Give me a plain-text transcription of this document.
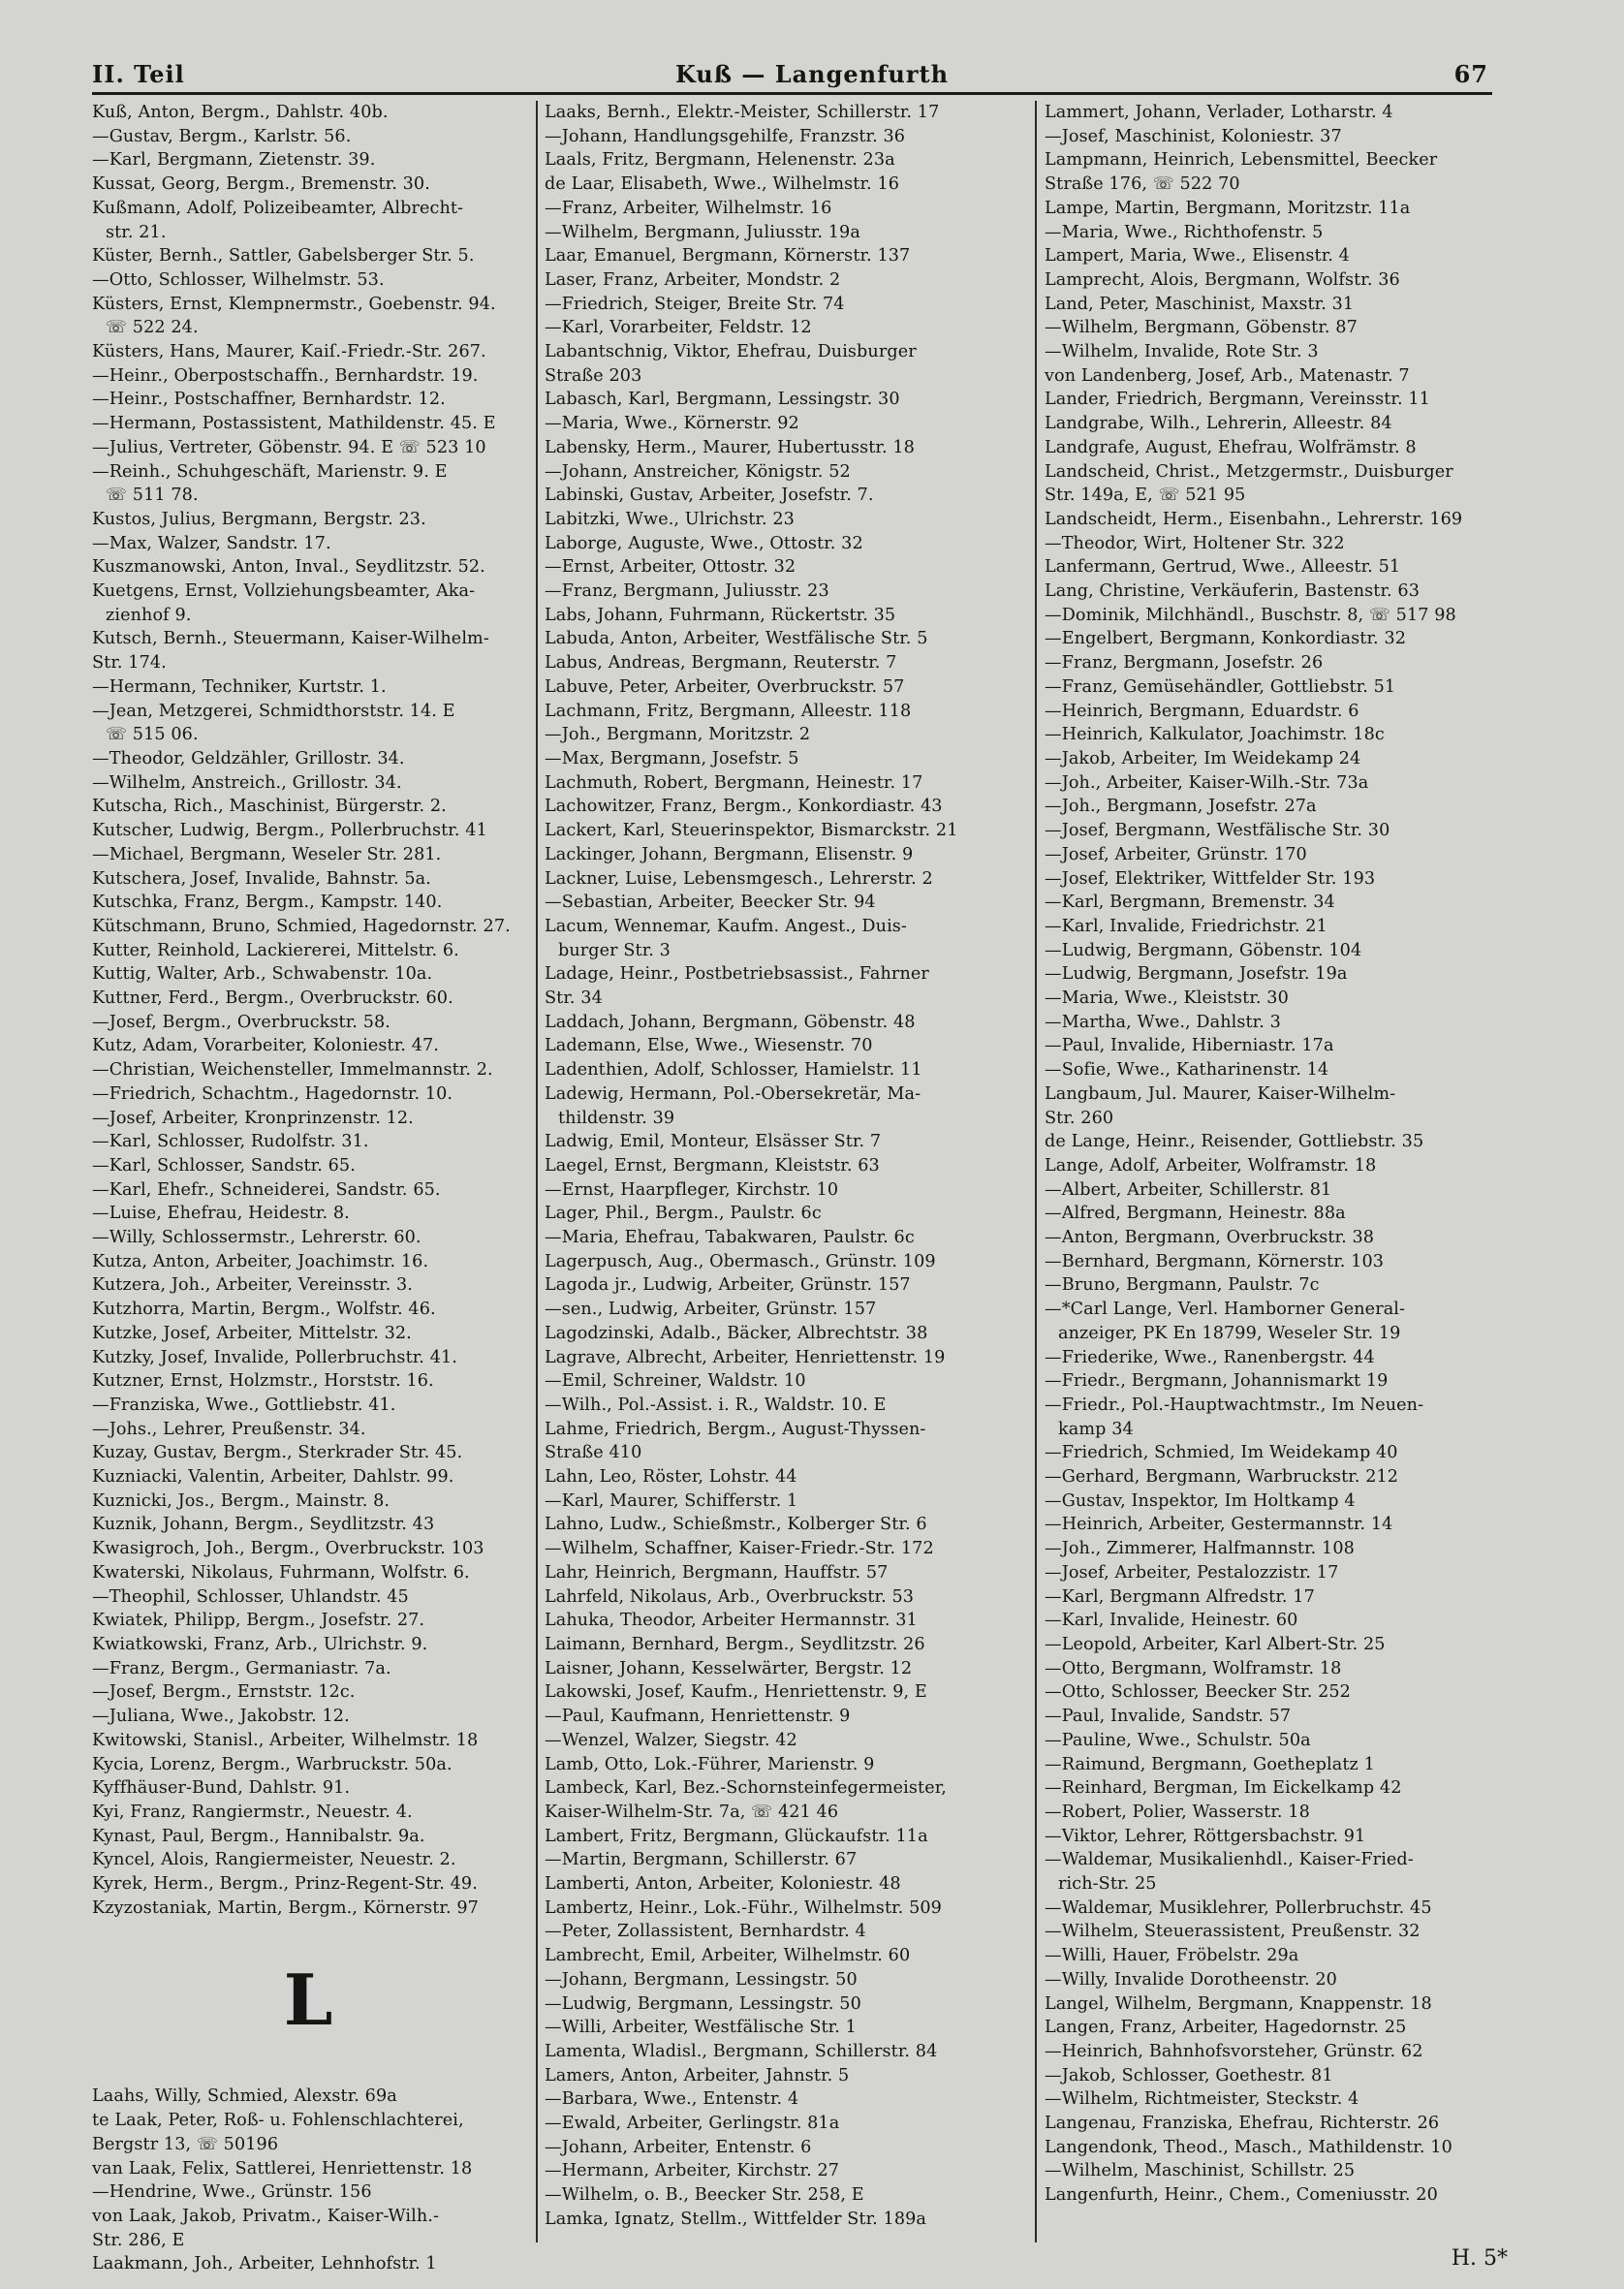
II. Teil	Kuß — Langenfurth	67
Kuß, Anton, Bergm., Dahlstr. 40b.
—Gustav, Bergm., Karlstr. 56.
—Karl, Bergmann, Zietenstr. 39.
Kussat, Georg, Bergm., Bremenstr. 30.
Kußmann, Adolf, Polizeibeamter, Albrecht-
str. 21.
Küster, Bernh., Sattler, Gabelsberger Str. 5.
—Otto, Schlosser, Wilhelmstr. 53.
Küsters, Ernst, Klempnermstr., Goebenstr. 94.
☏ 522 24.
Küsters, Hans, Maurer, Kaiſ.-Friedr.-Str. 267.
—Heinr., Oberpostschaffn., Bernhardstr. 19.
—Heinr., Postschaffner, Bernhardstr. 12.
—Hermann, Postassistent, Mathildenstr. 45. E
—Julius, Vertreter, Göbenstr. 94. E ☏ 523 10
—Reinh., Schuhgeschäft, Marienstr. 9. E
☏ 511 78.
Kustos, Julius, Bergmann, Bergstr. 23.
—Max, Walzer, Sandstr. 17.
Kuszmanowski, Anton, Inval., Seydlitzstr. 52.
Kuetgens, Ernst, Vollziehungsbeamter, Aka-
zienhof 9.
Kutsch, Bernh., Steuermann, Kaiser-Wilhelm-
Str. 174.
—Hermann, Techniker, Kurtstr. 1.
—Jean, Metzgerei, Schmidthorststr. 14. E
☏ 515 06.
—Theodor, Geldzähler, Grillostr. 34.
—Wilhelm, Anstreich., Grillostr. 34.
Kutscha, Rich., Maschinist, Bürgerstr. 2.
Kutscher, Ludwig, Bergm., Pollerbruchstr. 41
—Michael, Bergmann, Weseler Str. 281.
Kutschera, Josef, Invalide, Bahnstr. 5a.
Kutschka, Franz, Bergm., Kampstr. 140.
Kütschmann, Bruno, Schmied, Hagedornstr. 27.
Kutter, Reinhold, Lackiererei, Mittelstr. 6.
Kuttig, Walter, Arb., Schwabenstr. 10a.
Kuttner, Ferd., Bergm., Overbruckstr. 60.
—Josef, Bergm., Overbruckstr. 58.
Kutz, Adam, Vorarbeiter, Koloniestr. 47.
—Christian, Weichensteller, Immelmannstr. 2.
—Friedrich, Schachtm., Hagedornstr. 10.
—Josef, Arbeiter, Kronprinzenstr. 12.
—Karl, Schlosser, Rudolfstr. 31.
—Karl, Schlosser, Sandstr. 65.
—Karl, Ehefr., Schneiderei, Sandstr. 65.
—Luise, Ehefrau, Heidestr. 8.
—Willy, Schlossermstr., Lehrerstr. 60.
Kutza, Anton, Arbeiter, Joachimstr. 16.
Kutzera, Joh., Arbeiter, Vereinsstr. 3.
Kutzhorra, Martin, Bergm., Wolfstr. 46.
Kutzke, Josef, Arbeiter, Mittelstr. 32.
Kutzky, Josef, Invalide, Pollerbruchstr. 41.
Kutzner, Ernst, Holzmstr., Horststr. 16.
—Franziska, Wwe., Gottliebstr. 41.
—Johs., Lehrer, Preußenstr. 34.
Kuzay, Gustav, Bergm., Sterkrader Str. 45.
Kuzniacki, Valentin, Arbeiter, Dahlstr. 99.
Kuznicki, Jos., Bergm., Mainstr. 8.
Kuznik, Johann, Bergm., Seydlitzstr. 43
Kwasigroch, Joh., Bergm., Overbruckstr. 103
Kwaterski, Nikolaus, Fuhrmann, Wolfstr. 6.
—Theophil, Schlosser, Uhlandstr. 45
Kwiatek, Philipp, Bergm., Josefstr. 27.
Kwiatkowski, Franz, Arb., Ulrichstr. 9.
—Franz, Bergm., Germaniastr. 7a.
—Josef, Bergm., Ernststr. 12c.
—Juliana, Wwe., Jakobstr. 12.
Kwitowski, Stanisl., Arbeiter, Wilhelmstr. 18
Kycia, Lorenz, Bergm., Warbruckstr. 50a.
Kyffhäuser-Bund, Dahlstr. 91.
Kyi, Franz, Rangiermstr., Neuestr. 4.
Kynast, Paul, Bergm., Hannibalstr. 9a.
Kyncel, Alois, Rangiermeister, Neuestr. 2.
Kyrek, Herm., Bergm., Prinz-Regent-Str. 49.
Kzyzostaniak, Martin, Bergm., Körnerstr. 97
L
Laahs, Willy, Schmied, Alexstr. 69a
te Laak, Peter, Roß- u. Fohlenschlachterei,
Bergstr 13, ☏ 50196
van Laak, Felix, Sattlerei, Henriettenstr. 18
—Hendrine, Wwe., Grünstr. 156
von Laak, Jakob, Privatm., Kaiser-Wilh.-
Str. 286, E
Laakmann, Joh., Arbeiter, Lehnhofstr. 1
Laaks, Bernh., Elektr.-Meister, Schillerstr. 17
—Johann, Handlungsgehilfe, Franzstr. 36
Laals, Fritz, Bergmann, Helenenstr. 23a
de Laar, Elisabeth, Wwe., Wilhelmstr. 16
—Franz, Arbeiter, Wilhelmstr. 16
—Wilhelm, Bergmann, Juliusstr. 19a
Laar, Emanuel, Bergmann, Körnerstr. 137
Laser, Franz, Arbeiter, Mondstr. 2
—Friedrich, Steiger, Breite Str. 74
—Karl, Vorarbeiter, Feldstr. 12
Labantschnig, Viktor, Ehefrau, Duisburger
Straße 203
Labasch, Karl, Bergmann, Lessingstr. 30
—Maria, Wwe., Körnerstr. 92
Labensky, Herm., Maurer, Hubertusstr. 18
—Johann, Anstreicher, Königstr. 52
Labinski, Gustav, Arbeiter, Josefstr. 7.
Labitzki, Wwe., Ulrichstr. 23
Laborge, Auguste, Wwe., Ottostr. 32
—Ernst, Arbeiter, Ottostr. 32
—Franz, Bergmann, Juliusstr. 23
Labs, Johann, Fuhrmann, Rückertstr. 35
Labuda, Anton, Arbeiter, Westfälische Str. 5
Labus, Andreas, Bergmann, Reuterstr. 7
Labuve, Peter, Arbeiter, Overbruckstr. 57
Lachmann, Fritz, Bergmann, Alleestr. 118
—Joh., Bergmann, Moritzstr. 2
—Max, Bergmann, Josefstr. 5
Lachmuth, Robert, Bergmann, Heinestr. 17
Lachowitzer, Franz, Bergm., Konkordiastr. 43
Lackert, Karl, Steuerinspektor, Bismarckstr. 21
Lackinger, Johann, Bergmann, Elisenstr. 9
Lackner, Luise, Lebensmgesch., Lehrerstr. 2
—Sebastian, Arbeiter, Beecker Str. 94
Lacum, Wennemar, Kaufm. Angest., Duis-
burger Str. 3
Ladage, Heinr., Postbetriebsassist., Fahrner
Str. 34
Laddach, Johann, Bergmann, Göbenstr. 48
Lademann, Else, Wwe., Wiesenstr. 70
Ladenthien, Adolf, Schlosser, Hamielstr. 11
Ladewig, Hermann, Pol.-Obersekretär, Ma-
thildenstr. 39
Ladwig, Emil, Monteur, Elsässer Str. 7
Laegel, Ernst, Bergmann, Kleiststr. 63
—Ernst, Haarpfleger, Kirchstr. 10
Lager, Phil., Bergm., Paulstr. 6c
—Maria, Ehefrau, Tabakwaren, Paulstr. 6c
Lagerpusch, Aug., Obermasch., Grünstr. 109
Lagoda jr., Ludwig, Arbeiter, Grünstr. 157
—sen., Ludwig, Arbeiter, Grünstr. 157
Lagodzinski, Adalb., Bäcker, Albrechtstr. 38
Lagrave, Albrecht, Arbeiter, Henriettenstr. 19
—Emil, Schreiner, Waldstr. 10
—Wilh., Pol.-Assist. i. R., Waldstr. 10. E
Lahme, Friedrich, Bergm., August-Thyssen-
Straße 410
Lahn, Leo, Röster, Lohstr. 44
—Karl, Maurer, Schifferstr. 1
Lahno, Ludw., Schießmstr., Kolberger Str. 6
—Wilhelm, Schaffner, Kaiser-Friedr.-Str. 172
Lahr, Heinrich, Bergmann, Hauffstr. 57
Lahrfeld, Nikolaus, Arb., Overbruckstr. 53
Lahuka, Theodor, Arbeiter Hermannstr. 31
Laimann, Bernhard, Bergm., Seydlitzstr. 26
Laisner, Johann, Kesselwärter, Bergstr. 12
Lakowski, Josef, Kaufm., Henriettenstr. 9, E
—Paul, Kaufmann, Henriettenstr. 9
—Wenzel, Walzer, Siegstr. 42
Lamb, Otto, Lok.-Führer, Marienstr. 9
Lambeck, Karl, Bez.-Schornsteinfegermeister,
Kaiser-Wilhelm-Str. 7a, ☏ 421 46
Lambert, Fritz, Bergmann, Glückaufstr. 11a
—Martin, Bergmann, Schillerstr. 67
Lamberti, Anton, Arbeiter, Koloniestr. 48
Lambertz, Heinr., Lok.-Führ., Wilhelmstr. 509
—Peter, Zollassistent, Bernhardstr. 4
Lambrecht, Emil, Arbeiter, Wilhelmstr. 60
—Johann, Bergmann, Lessingstr. 50
—Ludwig, Bergmann, Lessingstr. 50
—Willi, Arbeiter, Westfälische Str. 1
Lamenta, Wladisl., Bergmann, Schillerstr. 84
Lamers, Anton, Arbeiter, Jahnstr. 5
—Barbara, Wwe., Entenstr. 4
—Ewald, Arbeiter, Gerlingstr. 81a
—Johann, Arbeiter, Entenstr. 6
—Hermann, Arbeiter, Kirchstr. 27
—Wilhelm, o. B., Beecker Str. 258, E
Lamka, Ignatz, Stellm., Wittfelder Str. 189a
Lammert, Johann, Verlader, Lotharstr. 4
—Josef, Maschinist, Koloniestr. 37
Lampmann, Heinrich, Lebensmittel, Beecker
Straße 176, ☏ 522 70
Lampe, Martin, Bergmann, Moritzstr. 11a
—Maria, Wwe., Richthofenstr. 5
Lampert, Maria, Wwe., Elisenstr. 4
Lamprecht, Alois, Bergmann, Wolfstr. 36
Land, Peter, Maschinist, Maxstr. 31
—Wilhelm, Bergmann, Göbenstr. 87
—Wilhelm, Invalide, Rote Str. 3
von Landenberg, Josef, Arb., Matenastr. 7
Lander, Friedrich, Bergmann, Vereinsstr. 11
Landgrabe, Wilh., Lehrerin, Alleestr. 84
Landgrafe, August, Ehefrau, Wolfrämstr. 8
Landscheid, Christ., Metzgermstr., Duisburger
Str. 149a, E, ☏ 521 95
Landscheidt, Herm., Eisenbahn., Lehrerstr. 169
—Theodor, Wirt, Holtener Str. 322
Lanfermann, Gertrud, Wwe., Alleestr. 51
Lang, Christine, Verkäuferin, Bastenstr. 63
—Dominik, Milchhändl., Buschstr. 8, ☏ 517 98
—Engelbert, Bergmann, Konkordiastr. 32
—Franz, Bergmann, Josefstr. 26
—Franz, Gemüsehändler, Gottliebstr. 51
—Heinrich, Bergmann, Eduardstr. 6
—Heinrich, Kalkulator, Joachimstr. 18c
—Jakob, Arbeiter, Im Weidekamp 24
—Joh., Arbeiter, Kaiser-Wilh.-Str. 73a
—Joh., Bergmann, Josefstr. 27a
—Josef, Bergmann, Westfälische Str. 30
—Josef, Arbeiter, Grünstr. 170
—Josef, Elektriker, Wittfelder Str. 193
—Karl, Bergmann, Bremenstr. 34
—Karl, Invalide, Friedrichstr. 21
—Ludwig, Bergmann, Göbenstr. 104
—Ludwig, Bergmann, Josefstr. 19a
—Maria, Wwe., Kleiststr. 30
—Martha, Wwe., Dahlstr. 3
—Paul, Invalide, Hiberniastr. 17a
—Sofie, Wwe., Katharinenstr. 14
Langbaum, Jul. Maurer, Kaiser-Wilhelm-
Str. 260
de Lange, Heinr., Reisender, Gottliebstr. 35
Lange, Adolf, Arbeiter, Wolframstr. 18
—Albert, Arbeiter, Schillerstr. 81
—Alfred, Bergmann, Heinestr. 88a
—Anton, Bergmann, Overbruckstr. 38
—Bernhard, Bergmann, Körnerstr. 103
—Bruno, Bergmann, Paulstr. 7c
—*Carl Lange, Verl. Hamborner General-
anzeiger, PK En 18799, Weseler Str. 19
—Friederike, Wwe., Ranenbergstr. 44
—Friedr., Bergmann, Johannismarkt 19
—Friedr., Pol.-Hauptwachtmstr., Im Neuen-
kamp 34
—Friedrich, Schmied, Im Weidekamp 40
—Gerhard, Bergmann, Warbruckstr. 212
—Gustav, Inspektor, Im Holtkamp 4
—Heinrich, Arbeiter, Gestermannstr. 14
—Joh., Zimmerer, Halfmannstr. 108
—Josef, Arbeiter, Pestalozzistr. 17
—Karl, Bergmann Alfredstr. 17
—Karl, Invalide, Heinestr. 60
—Leopold, Arbeiter, Karl Albert-Str. 25
—Otto, Bergmann, Wolframstr. 18
—Otto, Schlosser, Beecker Str. 252
—Paul, Invalide, Sandstr. 57
—Pauline, Wwe., Schulstr. 50a
—Raimund, Bergmann, Goetheplatz 1
—Reinhard, Bergman, Im Eickelkamp 42
—Robert, Polier, Wasserstr. 18
—Viktor, Lehrer, Röttgersbachstr. 91
—Waldemar, Musikalienhdl., Kaiser-Fried-
rich-Str. 25
—Waldemar, Musiklehrer, Pollerbruchstr. 45
—Wilhelm, Steuerassistent, Preußenstr. 32
—Willi, Hauer, Fröbelstr. 29a
—Willy, Invalide Dorotheenstr. 20
Langel, Wilhelm, Bergmann, Knappenstr. 18
Langen, Franz, Arbeiter, Hagedornstr. 25
—Heinrich, Bahnhofsvorsteher, Grünstr. 62
—Jakob, Schlosser, Goethestr. 81
—Wilhelm, Richtmeister, Steckstr. 4
Langenau, Franziska, Ehefrau, Richterstr. 26
Langendonk, Theod., Masch., Mathildenstr. 10
—Wilhelm, Maschinist, Schillstr. 25
Langenfurth, Heinr., Chem., Comeniusstr. 20
H. 5*
